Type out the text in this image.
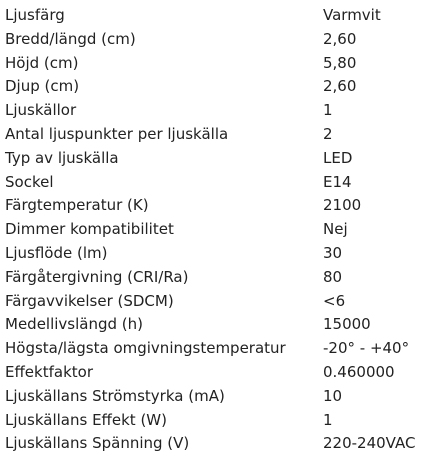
Ljusfärg	Varmvit
Bredd/längd (cm)	2,60
Höjd (cm)	5,80
Djup (cm)	2,60
Ljuskällor	1
Antal ljuspunkter per ljuskälla	2
Typ av ljuskälla	LED
Sockel	E14
Färgtemperatur (K)	2100
Dimmer kompatibilitet	Nej
Ljusflöde (lm)	30
Färgåtergivning (CRI/Ra)	80
Färgavvikelser (SDCM)	<6
Medellivslängd (h)	15000
Högsta/lägsta omgivningstemperatur	-20° - +40°
Effektfaktor	0.460000
Ljuskällans Strömstyrka (mA)	10
Ljuskällans Effekt (W)	1
Ljuskällans Spänning (V)	220-240VAC
